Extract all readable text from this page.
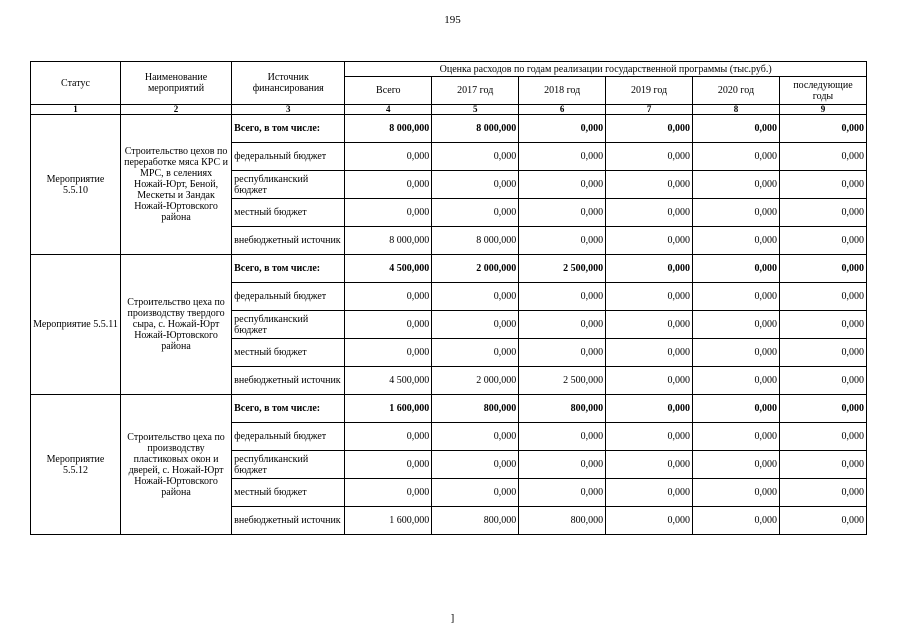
195
Статус	Наименование мероприятий	Источник финансирования	Оценка расходов по годам реализации государственной программы (тыс.руб.)					
			Всего	2017 год	2018 год	2019 год	2020 год	последующие годы
1	2	3	4	5	6	7	8	9
Мероприятие 5.5.10	Строительство цехов по переработке мяса КРС и МРС, в селениях Ножай-Юрт, Беной, Мескеты и Зандак Ножай-Юртовского района	Всего, в том числе:	8 000,000	8 000,000	0,000	0,000	0,000	0,000
		федеральный бюджет	0,000	0,000	0,000	0,000	0,000	0,000
		республиканский бюджет	0,000	0,000	0,000	0,000	0,000	0,000
		местный бюджет	0,000	0,000	0,000	0,000	0,000	0,000
		внебюджетный источник	8 000,000	8 000,000	0,000	0,000	0,000	0,000
Мероприятие 5.5.11	Строительство цеха по производству твердого сыра, с. Ножай-Юрт Ножай-Юртовского района	Всего, в том числе:	4 500,000	2 000,000	2 500,000	0,000	0,000	0,000
		федеральный бюджет	0,000	0,000	0,000	0,000	0,000	0,000
		республиканский бюджет	0,000	0,000	0,000	0,000	0,000	0,000
		местный бюджет	0,000	0,000	0,000	0,000	0,000	0,000
		внебюджетный источник	4 500,000	2 000,000	2 500,000	0,000	0,000	0,000
Мероприятие 5.5.12	Строительство цеха по производству пластиковых окон и дверей, с. Ножай-Юрт Ножай-Юртовского района	Всего, в том числе:	1 600,000	800,000	800,000	0,000	0,000	0,000
		федеральный бюджет	0,000	0,000	0,000	0,000	0,000	0,000
		республиканский бюджет	0,000	0,000	0,000	0,000	0,000	0,000
		местный бюджет	0,000	0,000	0,000	0,000	0,000	0,000
		внебюджетный источник	1 600,000	800,000	800,000	0,000	0,000	0,000
]
